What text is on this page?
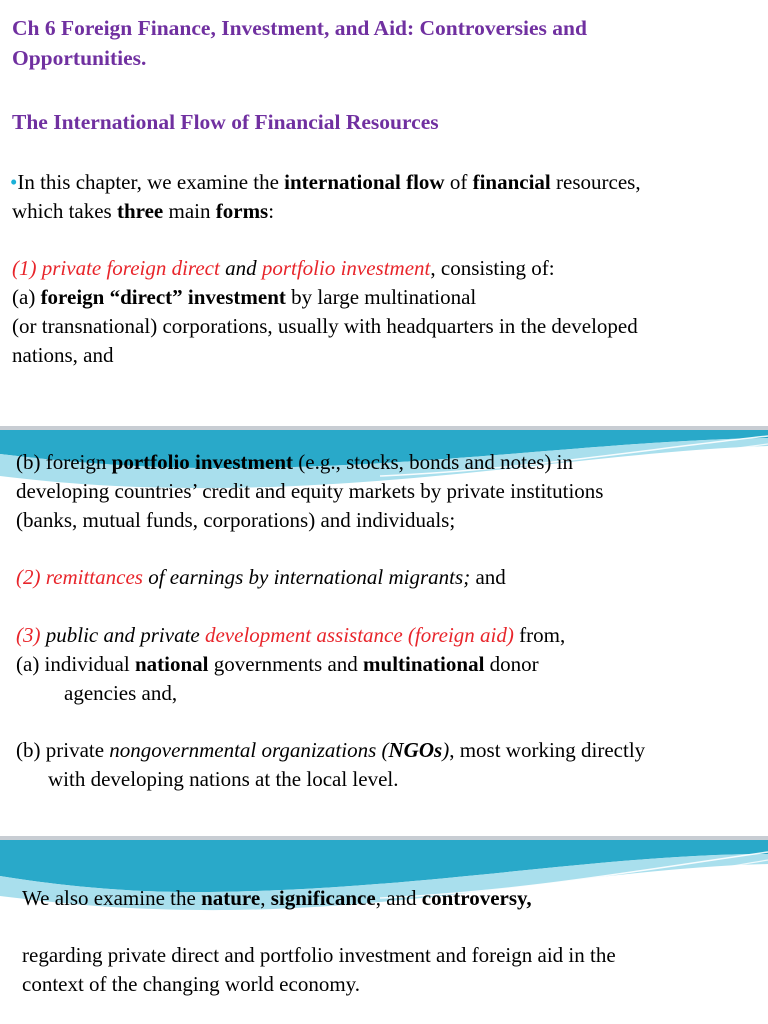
Ch 6 Foreign Finance, Investment, and Aid: Controversies and

Opportunities.

The International Flow of Financial Resources

•In this chapter, we examine the international flow of financial resources,

which takes three main forms:

(1) private foreign direct and portfolio investment, consisting of:

(a) foreign “direct” investment by large multinational

(or transnational) corporations, usually with headquarters in the developed

nations, and

(b) foreign portfolio investment (e.g., stocks, bonds and notes) in

developing countries’ credit and equity markets by private institutions

(banks, mutual funds, corporations) and individuals;

(2) remittances of earnings by international migrants; and

(3) public and private development assistance (foreign aid) from,

(a) individual national governments and multinational donor

agencies and,

(b) private nongovernmental organizations (NGOs), most working directly

with developing nations at the local level.

We also examine the nature, significance, and controversy,

regarding private direct and portfolio investment and foreign aid in the

context of the changing world economy.
